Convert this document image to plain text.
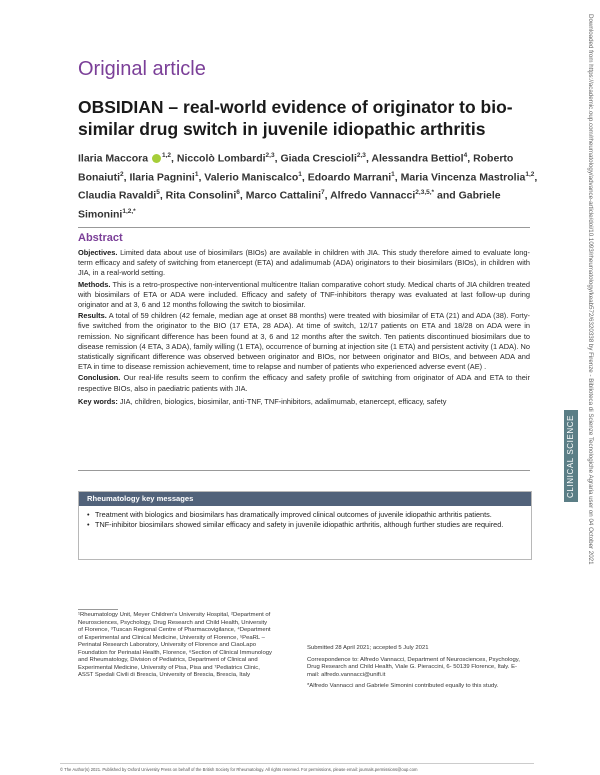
Downloaded from https://academic.oup.com/rheumatology/advance-article/doi/10.1093/rheumatology/keab572/6320338 by Firenze - Biblioteca di Scienze Tecnologiche Agraria user on 04 October 2021
CLINICAL SCIENCE
Original article
OBSIDIAN – real-world evidence of originator to bio-similar drug switch in juvenile idiopathic arthritis
Ilaria Maccora $^{1,2}$, Niccolò Lombardi$^{2,3}$, Giada Crescioli$^{2,3}$, Alessandra Bettiol$^4$, Roberto Bonaiuti$^2$, Ilaria Pagnini$^1$, Valerio Maniscalco$^1$, Edoardo Marrani$^1$, Maria Vincenza Mastrolia$^{1,2}$, Claudia Ravaldi$^5$, Rita Consolini$^6$, Marco Cattalini$^7$, Alfredo Vannacci$^{2,3,5,*}$ and Gabriele Simonini$^{1,2,*}$
Abstract

Objectives. Limited data about use of biosimilars (BIOs) are available in children with JIA. This study therefore aimed to evaluate long-term efficacy and safety of switching from etanercept (ETA) and adalimumab (ADA) originators to their biosimilars (BIOs), in children with JIA, in a real-world setting.

Methods. This is a retro-prospective non-interventional multicentre Italian comparative cohort study. Medical charts of JIA children treated with biosimilars of ETA or ADA were included. Efficacy and safety of TNF-inhibitors therapy was evaluated at last follow-up during originator and at 3, 6 and 12 months following the switch to biosimilar.

Results. A total of 59 children (42 female, median age at onset 88 months) were treated with biosimilar of ETA (21) and ADA (38). Forty-five switched from the originator to the BIO (17 ETA, 28 ADA). At time of switch, 12/17 patients on ETA and 18/28 on ADA were in remission. No significant difference has been found at 3, 6 and 12 months after the switch. Ten patients discontinued biosimilars due to disease remission (4 ETA, 3 ADA), family willing (1 ETA), occurrence of burning at injection site (1 ETA) and persistent activity (1 ADA). No statistically significant difference was observed between originator and BIOs, nor between originator and BIOs, and between ADA and ETA in time to disease remission achievement, time to relapse and number of patients who experienced adverse event (AE) .

Conclusion. Our real-life results seem to confirm the efficacy and safety profile of switching from originator of ADA and ETA to their respective BIOs, also in paediatric patients with JIA.

Key words: JIA, children, biologics, biosimilar, anti-TNF, TNF-inhibitors, adalimumab, etanercept, efficacy, safety

Rheumatology key messages
• Treatment with biologics and biosimilars has dramatically improved clinical outcomes of juvenile idiopathic arthritis patients.
• TNF-inhibitor biosimilars showed similar efficacy and safety in juvenile idiopathic arthritis, although further studies are required.
¹Rheumatology Unit, Meyer Children's University Hospital, ²Department of Neurosciences, Psychology, Drug Research and Child Health, University of Florence, ³Tuscan Regional Centre of Pharmacovigilance, ⁴Department of Experimental and Clinical Medicine, University of Florence, ⁵PeaRL – Perinatal Research Laboratory, University of Florence and CiaoLapo Foundation for Perinatal Health, Florence, ⁶Section of Clinical Immunology and Rheumatology, Division of Pediatrics, Department of Clinical and Experimental Medicine, University of Pisa, Pisa and ⁷Pediatrics Clinic, ASST Spedali Civili di Brescia, University of Brescia, Brescia, Italy

Submitted 28 April 2021; accepted 5 July 2021

Correspondence to: Alfredo Vannacci, Department of Neurosciences, Psychology, Drug Research and Child Health, Viale G. Pieraccini, 6- 50139 Florence, Italy. E-mail: alfredo.vannacci@unifi.it

*Alfredo Vannacci and Gabriele Simonini contributed equally to this study.

© The Author(s) 2021. Published by Oxford University Press on behalf of the British Society for Rheumatology. All rights reserved. For permissions, please email: journals.permissions@oup.com
